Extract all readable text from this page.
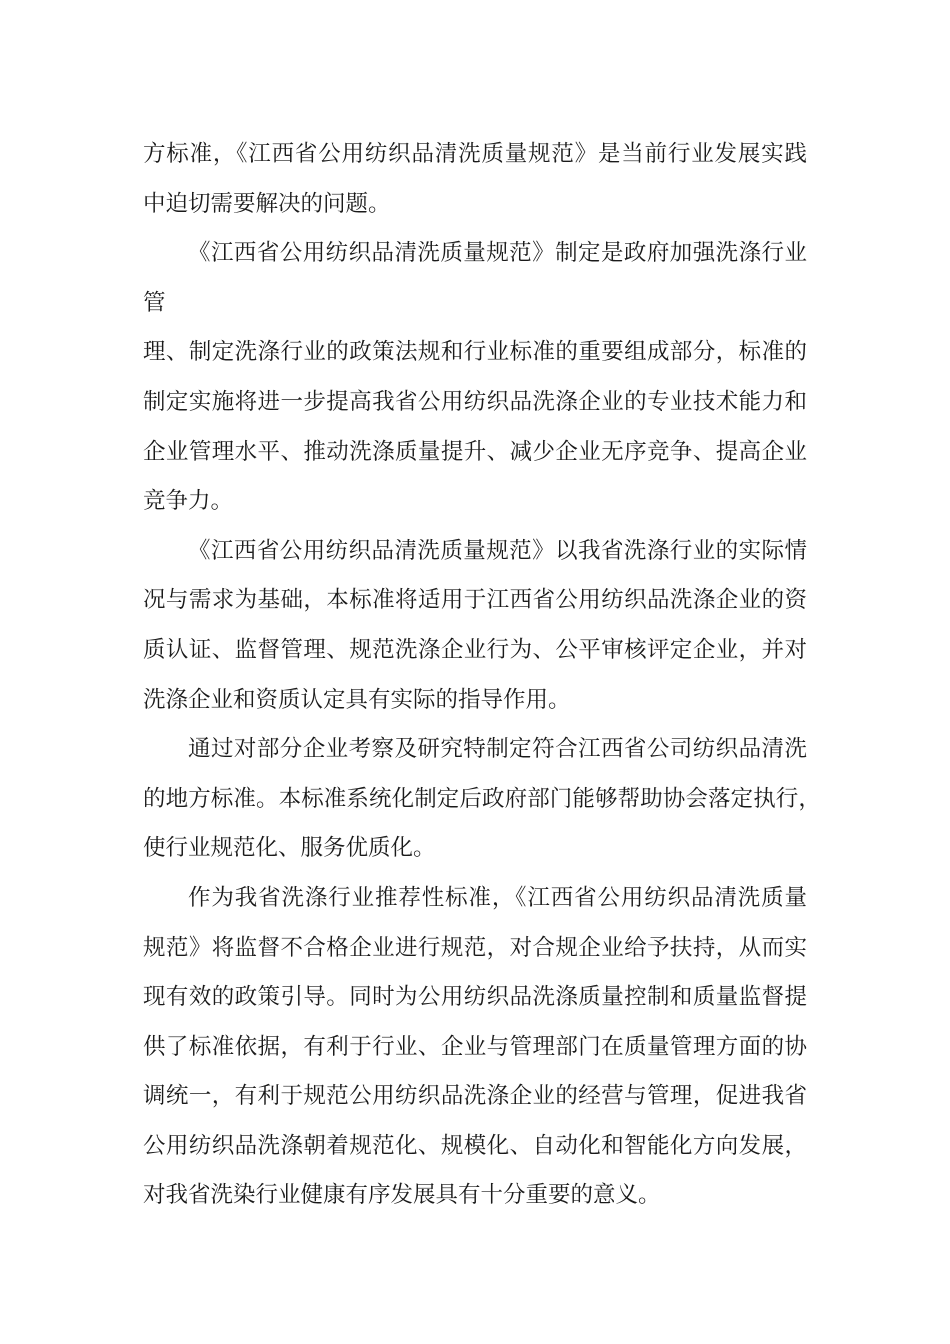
方标准，《江西省公用纺织品清洗质量规范》是当前行业发展实践
中迫切需要解决的问题。
《江西省公用纺织品清洗质量规范》制定是政府加强洗涤行业
管
理、制定洗涤行业的政策法规和行业标准的重要组成部分，标准的
制定实施将进一步提高我省公用纺织品洗涤企业的专业技术能力和
企业管理水平、推动洗涤质量提升、减少企业无序竞争、提高企业
竞争力。
《江西省公用纺织品清洗质量规范》以我省洗涤行业的实际情
况与需求为基础，本标准将适用于江西省公用纺织品洗涤企业的资
质认证、监督管理、规范洗涤企业行为、公平审核评定企业，并对
洗涤企业和资质认定具有实际的指导作用。
通过对部分企业考察及研究特制定符合江西省公司纺织品清洗
的地方标准。本标准系统化制定后政府部门能够帮助协会落定执行，
使行业规范化、服务优质化。
作为我省洗涤行业推荐性标准，《江西省公用纺织品清洗质量
规范》将监督不合格企业进行规范，对合规企业给予扶持，从而实
现有效的政策引导。同时为公用纺织品洗涤质量控制和质量监督提
供了标准依据，有利于行业、企业与管理部门在质量管理方面的协
调统一，有利于规范公用纺织品洗涤企业的经营与管理，促进我省
公用纺织品洗涤朝着规范化、规模化、自动化和智能化方向发展，
对我省洗染行业健康有序发展具有十分重要的意义。
